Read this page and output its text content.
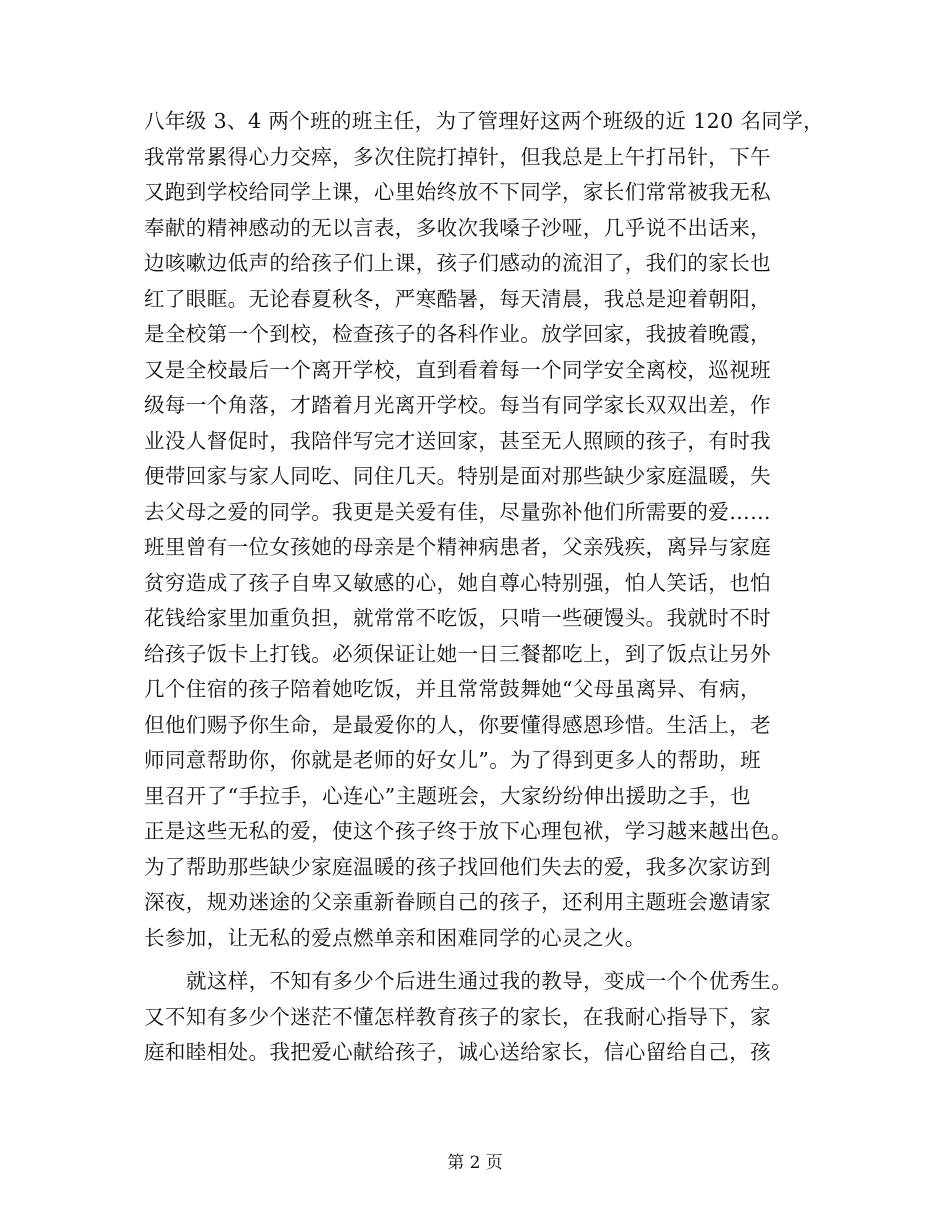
八年级 3、4 两个班的班主任，为了管理好这两个班级的近 120 名同学，
我常常累得心力交瘁，多次住院打掉针，但我总是上午打吊针，下午
又跑到学校给同学上课，心里始终放不下同学，家长们常常被我无私
奉献的精神感动的无以言表，多收次我嗓子沙哑，几乎说不出话来，
边咳嗽边低声的给孩子们上课，孩子们感动的流泪了，我们的家长也
红了眼眶。无论春夏秋冬，严寒酷暑，每天清晨，我总是迎着朝阳，
是全校第一个到校，检查孩子的各科作业。放学回家，我披着晚霞，
又是全校最后一个离开学校，直到看着每一个同学安全离校，巡视班
级每一个角落，才踏着月光离开学校。每当有同学家长双双出差，作
业没人督促时，我陪伴写完才送回家，甚至无人照顾的孩子，有时我
便带回家与家人同吃、同住几天。特别是面对那些缺少家庭温暖，失
去父母之爱的同学。我更是关爱有佳，尽量弥补他们所需要的爱……
班里曾有一位女孩她的母亲是个精神病患者，父亲残疾，离异与家庭
贫穷造成了孩子自卑又敏感的心，她自尊心特别强，怕人笑话，也怕
花钱给家里加重负担，就常常不吃饭，只啃一些硬馒头。我就时不时
给孩子饭卡上打钱。必须保证让她一日三餐都吃上，到了饭点让另外
几个住宿的孩子陪着她吃饭，并且常常鼓舞她“父母虽离异、有病，
但他们赐予你生命，是最爱你的人，你要懂得感恩珍惜。生活上，老
师同意帮助你，你就是老师的好女儿”。为了得到更多人的帮助，班
里召开了“手拉手，心连心”主题班会，大家纷纷伸出援助之手，也
正是这些无私的爱，使这个孩子终于放下心理包袱，学习越来越出色。
为了帮助那些缺少家庭温暖的孩子找回他们失去的爱，我多次家访到
深夜，规劝迷途的父亲重新眷顾自己的孩子，还利用主题班会邀请家
长参加，让无私的爱点燃单亲和困难同学的心灵之火。
就这样，不知有多少个后进生通过我的教导，变成一个个优秀生。
又不知有多少个迷茫不懂怎样教育孩子的家长，在我耐心指导下，家
庭和睦相处。我把爱心献给孩子，诚心送给家长，信心留给自己，孩
第 2 页
